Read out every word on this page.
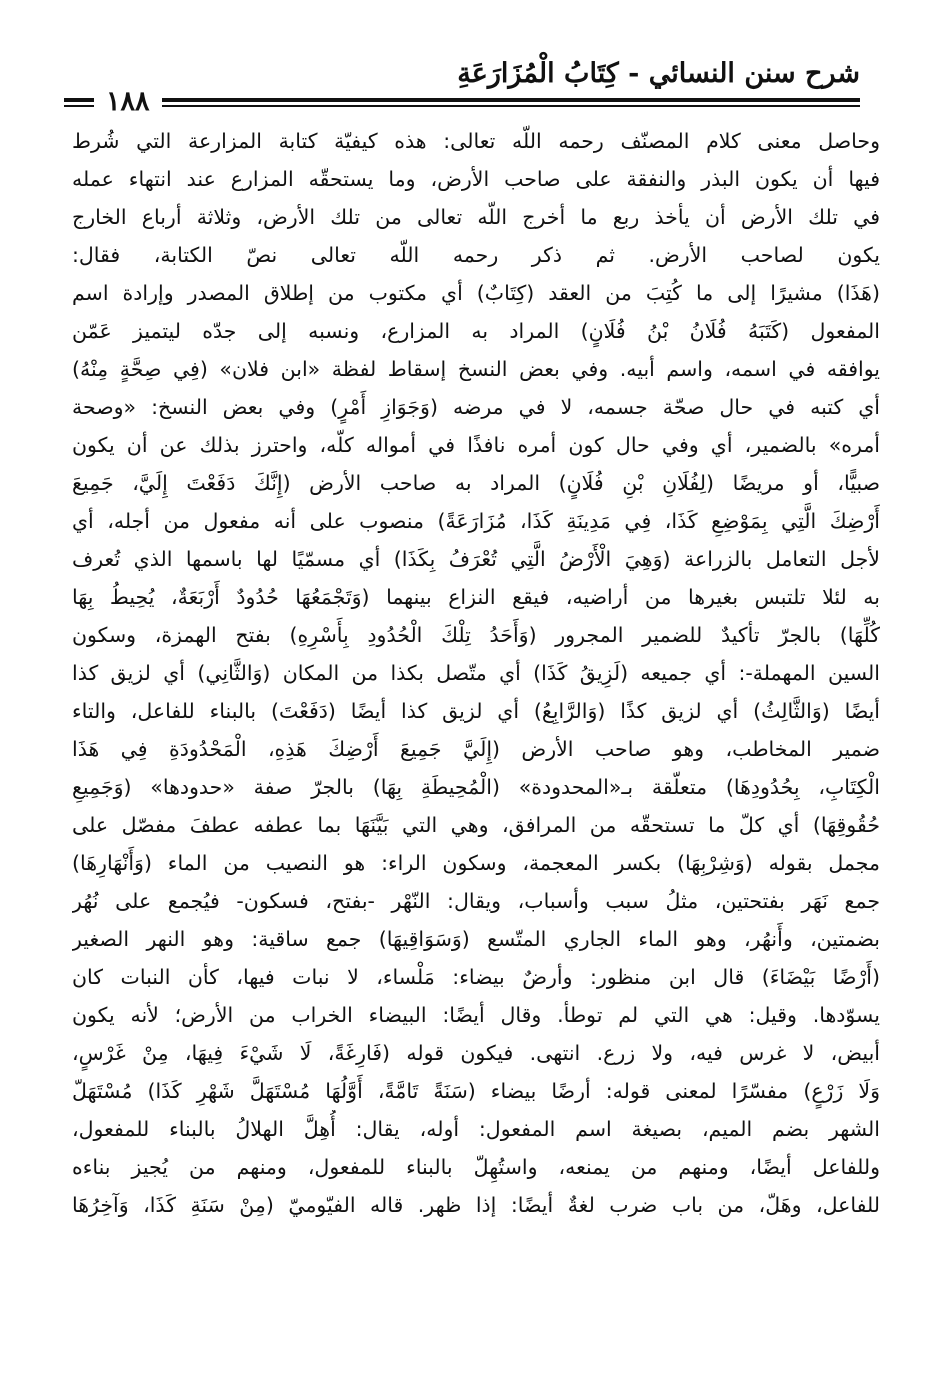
شرح سنن النسائي - كِتَابُ الْمُزَارَعَةِ
١٨٨
وحاصل معنى كلام المصنّف رحمه اللّه تعالى: هذه كيفيّة كتابة المزارعة التي شُرط
فيها أن يكون البذر والنفقة على صاحب الأرض، وما يستحقّه المزارع عند انتهاء عمله
في تلك الأرض أن يأخذ ربع ما أخرج اللّه تعالى من تلك الأرض، وثلاثة أرباع الخارج
يكون لصاحب الأرض. ثم ذكر رحمه اللّه تعالى نصّ الكتابة، فقال:
(هَذَا) مشيرًا إلى ما كُتِبَ من العقد (كِتَابٌ) أي مكتوب من إطلاق المصدر وإرادة اسم
المفعول (كَتَبَهُ فُلَانُ بْنُ فُلَانٍ) المراد به المزارع، ونسبه إلى جدّه ليتميز عَمّن
يوافقه في اسمه، واسم أبيه. وفي بعض النسخ إسقاط لفظة «ابن فلان» (فِي صِحَّةٍ مِنْهُ)
أي كتبه في حال صحّة جسمه، لا في مرضه (وَجَوَازِ أَمْرٍ) وفي بعض النسخ: «وصحة
أمره» بالضمير، أي وفي حال كون أمره نافذًا في أمواله كلّه، واحترز بذلك عن أن يكون
صبيًّا، أو مريضًا (لِفُلَانِ بْنِ فُلَانٍ) المراد به صاحب الأرض (إِنَّكَ دَفَعْتَ إِلَيَّ، جَمِيعَ
أَرْضِكَ الَّتِي بِمَوْضِعِ كَذَا، فِي مَدِينَةِ كَذَا، مُزَارَعَةً) منصوب على أنه مفعول من أجله، أي
لأجل التعامل بالزراعة (وَهِيَ الْأَرْضُ الَّتِي تُعْرَفُ بِكَذَا) أي مسمّيًا لها باسمها الذي تُعرف
به لئلا تلتبس بغيرها من أراضيه، فيقع النزاع بينهما (وَتَجْمَعُهَا حُدُودٌ أَرْبَعَةٌ، يُحِيطُ بِهَا
كُلِّهَا) بالجرّ تأكيدٌ للضمير المجرور (وَأَحَدُ تِلْكَ الْحُدُودِ بِأَسْرِهِ) بفتح الهمزة، وسكون
السين المهملة-: أي جميعه (لَزِيقُ كَذَا) أي متّصل بكذا من المكان (وَالثَّانِي) أي لزيق كذا
أيضًا (وَالثَّالِثُ) أي لزيق كذًا (وَالرَّابِعُ) أي لزيق كذا أيضًا (دَفَعْتَ) بالبناء للفاعل، والتاء
ضمير المخاطب، وهو صاحب الأرض (إِلَيَّ جَمِيعَ أَرْضِكَ هَذِهِ، الْمَحْدُودَةِ فِي هَذَا
الْكِتَابِ، بِحُدُودِهَا) متعلّقة بـ«المحدودة» (الْمُحِيطَةِ بِهَا) بالجرّ صفة «حدودها» (وَجَمِيعِ
حُقُوقِهَا) أي كلّ ما تستحقّه من المرافق، وهي التي بَيَّنَهَا بما عطفه عطفَ مفصّل على
مجمل بقوله (وَشِرْبِهَا) بكسر المعجمة، وسكون الراء: هو النصيب من الماء (وَأَنْهَارِهَا)
جمع نَهَر بفتحتين، مثلُ سبب وأسباب، ويقال: النّهْر -بفتح، فسكون- فيُجمع على نُهُر
بضمتين، وأَنهُر، وهو الماء الجاري المتّسع (وَسَوَاقِيهَا) جمع ساقية: وهو النهر الصغير
(أَرْضًا بَيْضَاءَ) قال ابن منظور: وأرضٌ بيضاء: مَلْساء، لا نبات فيها، كأن النبات كان
يسوّدها. وقيل: هي التي لم توطأ. وقال أيضًا: البيضاء الخراب من الأرض؛ لأنه يكون
أبيض، لا غرس فيه، ولا زرع. انتهى. فيكون قوله (فَارِغَةً، لَا شَيْءَ فِيهَا، مِنْ غَرْسٍ،
وَلَا زَرْعٍ) مفسّرًا لمعنى قوله: أرضًا بيضاء (سَنَةً تَامَّةً، أَوَّلُهَا مُسْتَهَلَّ شَهْرِ كَذَا) مُسْتَهَلّ
الشهر بضم الميم، بصيغة اسم المفعول: أوله، يقال: أُهِلَّ الهلالُ بالبناء للمفعول،
وللفاعل أيضًا، ومنهم من يمنعه، واستُهِلّ بالبناء للمفعول، ومنهم من يُجيز بناءه
للفاعل، وهَلّ، من باب ضرب لغةٌ أيضًا: إذا ظهر. قاله الفيّوميّ (مِنْ سَنَةِ كَذَا، وَآخِرُهَا
